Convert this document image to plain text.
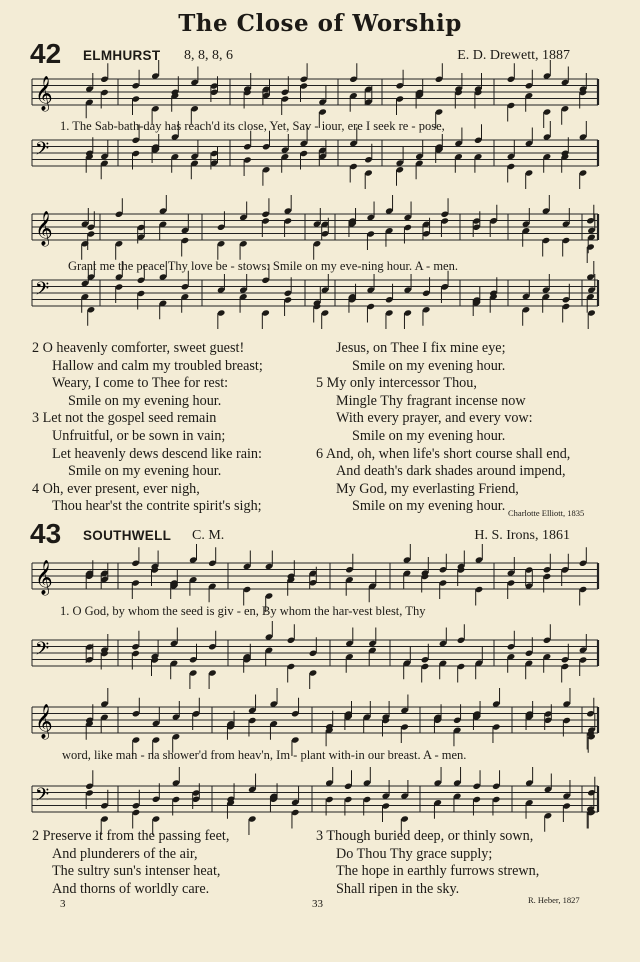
The Close of Worship
42 ELMHURST 8, 8, 8, 6	E. D. Drewett, 1887
43 SOUTHWELL C. M.	H. S. Irons, 1861
𝄞
𝄢
𝄞
𝄢
𝄞
𝄢
𝄞
𝄢
1. The Sab-bath-day has reach'd its close, Yet, Sav - iour, ere I seek re - pose,
Grant me the peace Thy love be - stows: Smile on my eve-ning hour. A - men.
1. O God, by whom the seed is giv - en, By whom the har-vest blest, Thy
word, like man - na shower'd from heav'n, Im - plant with-in our breast. A - men.
2 O heavenly comforter, sweet guest!
Hallow and calm my troubled breast;
Weary, I come to Thee for rest:
Smile on my evening hour.
3 Let not the gospel seed remain
Unfruitful, or be sown in vain;
Let heavenly dews descend like rain:
Smile on my evening hour.
4 Oh, ever present, ever nigh,
Thou hear'st the contrite spirit's sigh;
Jesus, on Thee I fix mine eye;
Smile on my evening hour.
5 My only intercessor Thou,
Mingle Thy fragrant incense now
With every prayer, and every vow:
Smile on my evening hour.
6 And, oh, when life's short course shall end,
And death's dark shades around impend,
My God, my everlasting Friend,
Smile on my evening hour. Charlotte Elliott, 1835
2 Preserve it from the passing feet,
And plunderers of the air,
The sultry sun's intenser heat,
And thorns of worldly care.
3 Though buried deep, or thinly sown,
Do Thou Thy grace supply;
The hope in earthly furrows strewn,
Shall ripen in the sky.
R. Heber, 1827
3	33
